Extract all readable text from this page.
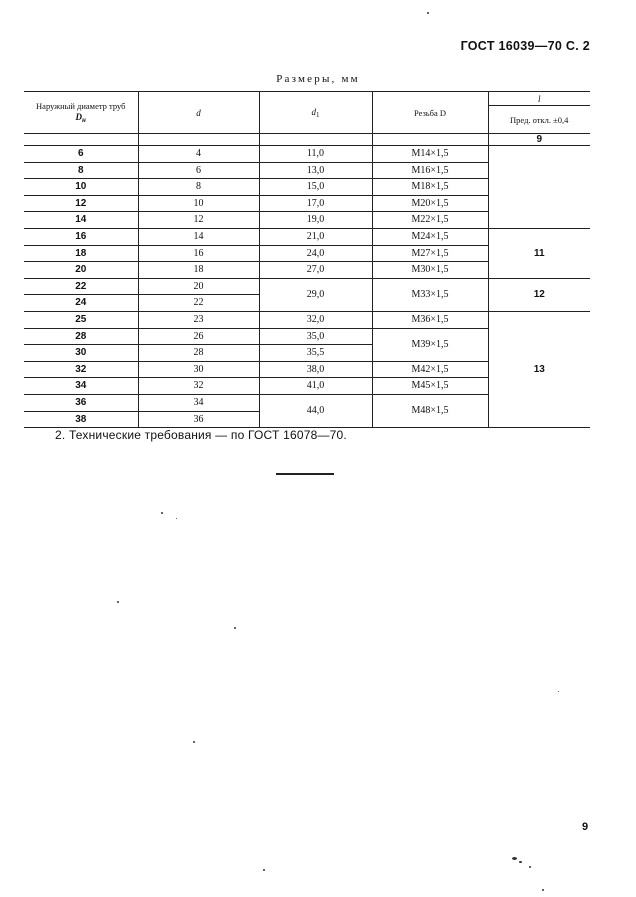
ГОСТ 16039—70 С. 2
Размеры, мм
Наружный диаметр труб
$D_н$	d	$d_1$	Резьба D	l
				Пред. откл. ±0,4
				9
6	4	11,0	М14×1,5	
8	6	13,0	М16×1,5	
10	8	15,0	М18×1,5	
12	10	17,0	М20×1,5	
14	12	19,0	М22×1,5	
16	14	21,0	М24×1,5	11
18	16	24,0	М27×1,5	
20	18	27,0	М30×1,5	
22	20	29,0	М33×1,5	12
24	22			
25	23	32,0	М36×1,5	13
28	26	35,0	М39×1,5	
30	28	35,5		
32	30	38,0	М42×1,5	
34	32	41,0	М45×1,5	
36	34	44,0	М48×1,5	
38	36			
2. Технические требования — по ГОСТ 16078—70.
9
